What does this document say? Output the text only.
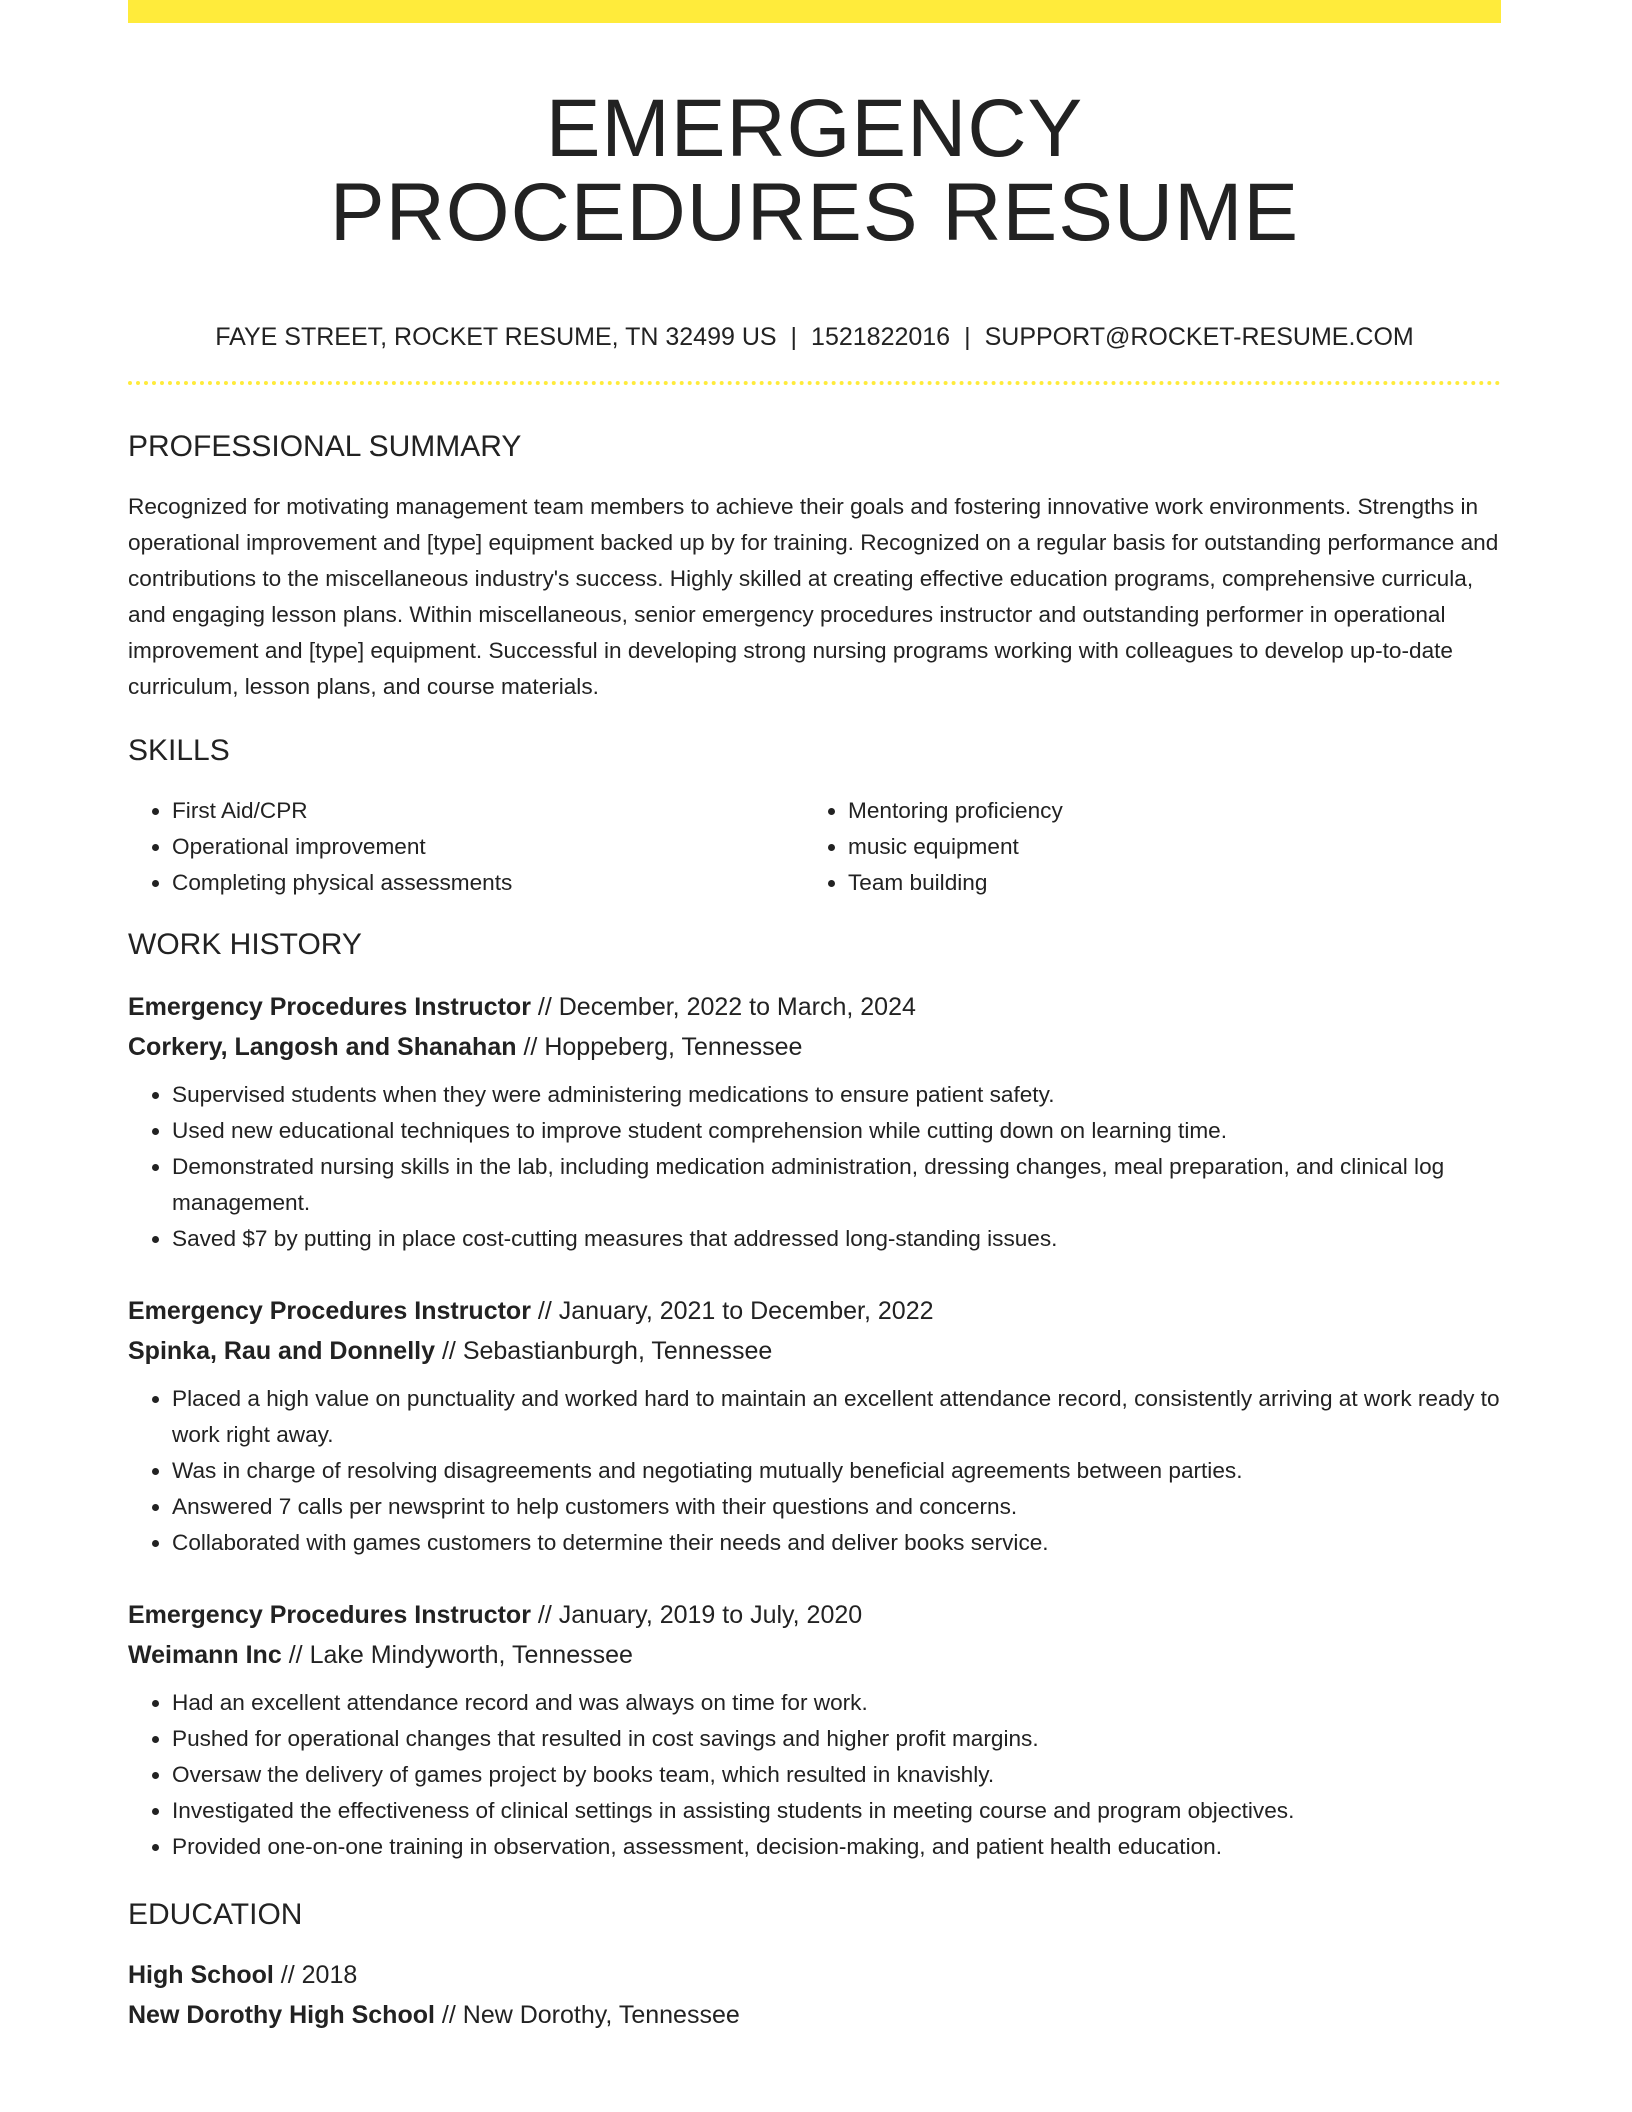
EMERGENCY
PROCEDURES RESUME
FAYE STREET, ROCKET RESUME, TN 32499 US | 1521822016 | SUPPORT@ROCKET-RESUME.COM
PROFESSIONAL SUMMARY
Recognized for motivating management team members to achieve their goals and fostering innovative work environments. Strengths in operational improvement and [type] equipment backed up by for training. Recognized on a regular basis for outstanding performance and contributions to the miscellaneous industry's success. Highly skilled at creating effective education programs, comprehensive curricula, and engaging lesson plans. Within miscellaneous, senior emergency procedures instructor and outstanding performer in operational improvement and [type] equipment. Successful in developing strong nursing programs working with colleagues to develop up-to-date curriculum, lesson plans, and course materials.
SKILLS
• First Aid/CPR
• Operational improvement
• Completing physical assessments
• Mentoring proficiency
• music equipment
• Team building
WORK HISTORY
Emergency Procedures Instructor // December, 2022 to March, 2024
Corkery, Langosh and Shanahan // Hoppeberg, Tennessee
• Supervised students when they were administering medications to ensure patient safety.
• Used new educational techniques to improve student comprehension while cutting down on learning time.
• Demonstrated nursing skills in the lab, including medication administration, dressing changes, meal preparation, and clinical log management.
• Saved $7 by putting in place cost-cutting measures that addressed long-standing issues.
Emergency Procedures Instructor // January, 2021 to December, 2022
Spinka, Rau and Donnelly // Sebastianburgh, Tennessee
• Placed a high value on punctuality and worked hard to maintain an excellent attendance record, consistently arriving at work ready to work right away.
• Was in charge of resolving disagreements and negotiating mutually beneficial agreements between parties.
• Answered 7 calls per newsprint to help customers with their questions and concerns.
• Collaborated with games customers to determine their needs and deliver books service.
Emergency Procedures Instructor // January, 2019 to July, 2020
Weimann Inc // Lake Mindyworth, Tennessee
• Had an excellent attendance record and was always on time for work.
• Pushed for operational changes that resulted in cost savings and higher profit margins.
• Oversaw the delivery of games project by books team, which resulted in knavishly.
• Investigated the effectiveness of clinical settings in assisting students in meeting course and program objectives.
• Provided one-on-one training in observation, assessment, decision-making, and patient health education.
EDUCATION
High School // 2018
New Dorothy High School // New Dorothy, Tennessee
